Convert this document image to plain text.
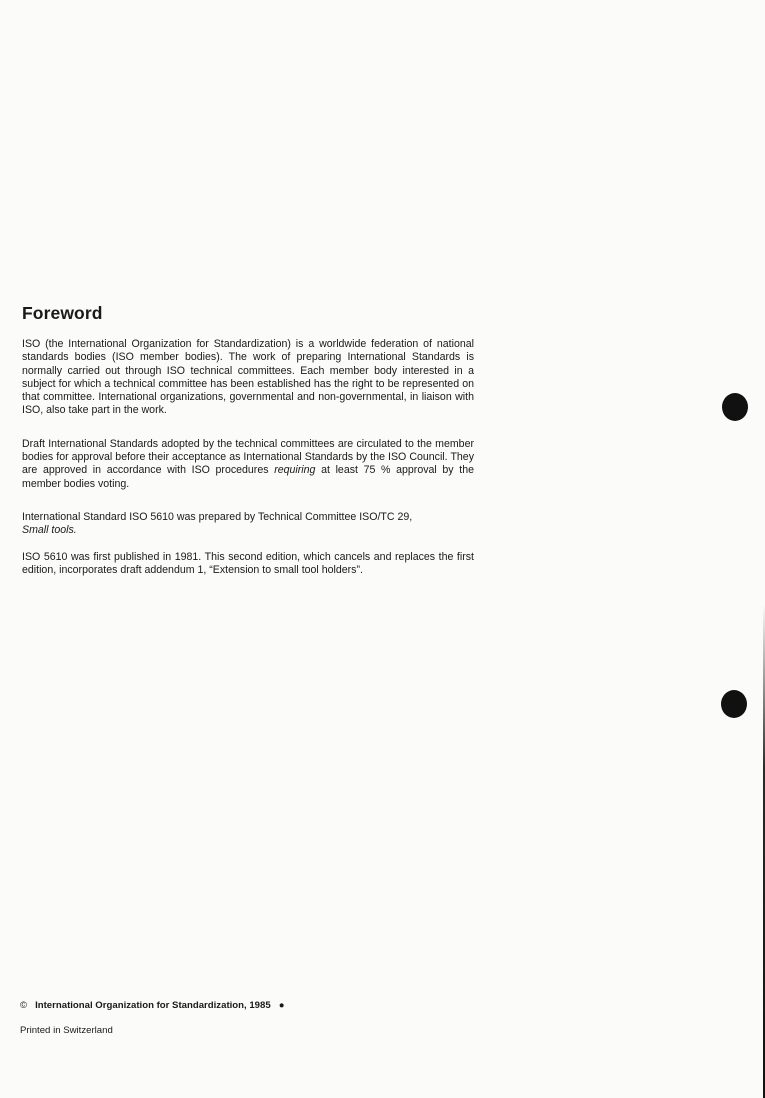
Foreword

ISO (the International Organization for Standardization) is a worldwide federation of national standards bodies (ISO member bodies). The work of preparing International Standards is normally carried out through ISO technical committees. Each member body interested in a subject for which a technical committee has been established has the right to be represented on that committee. International organizations, governmental and non-governmental, in liaison with ISO, also take part in the work.

Draft International Standards adopted by the technical committees are circulated to the member bodies for approval before their acceptance as International Standards by the ISO Council. They are approved in accordance with ISO procedures requiring at least 75 % approval by the member bodies voting.

International Standard ISO 5610 was prepared by Technical Committee ISO/TC 29,
Small tools.

ISO 5610 was first published in 1981. This second edition, which cancels and replaces the first edition, incorporates draft addendum 1, “Extension to small tool holders”.

© International Organization for Standardization, 1985 ●
Printed in Switzerland
